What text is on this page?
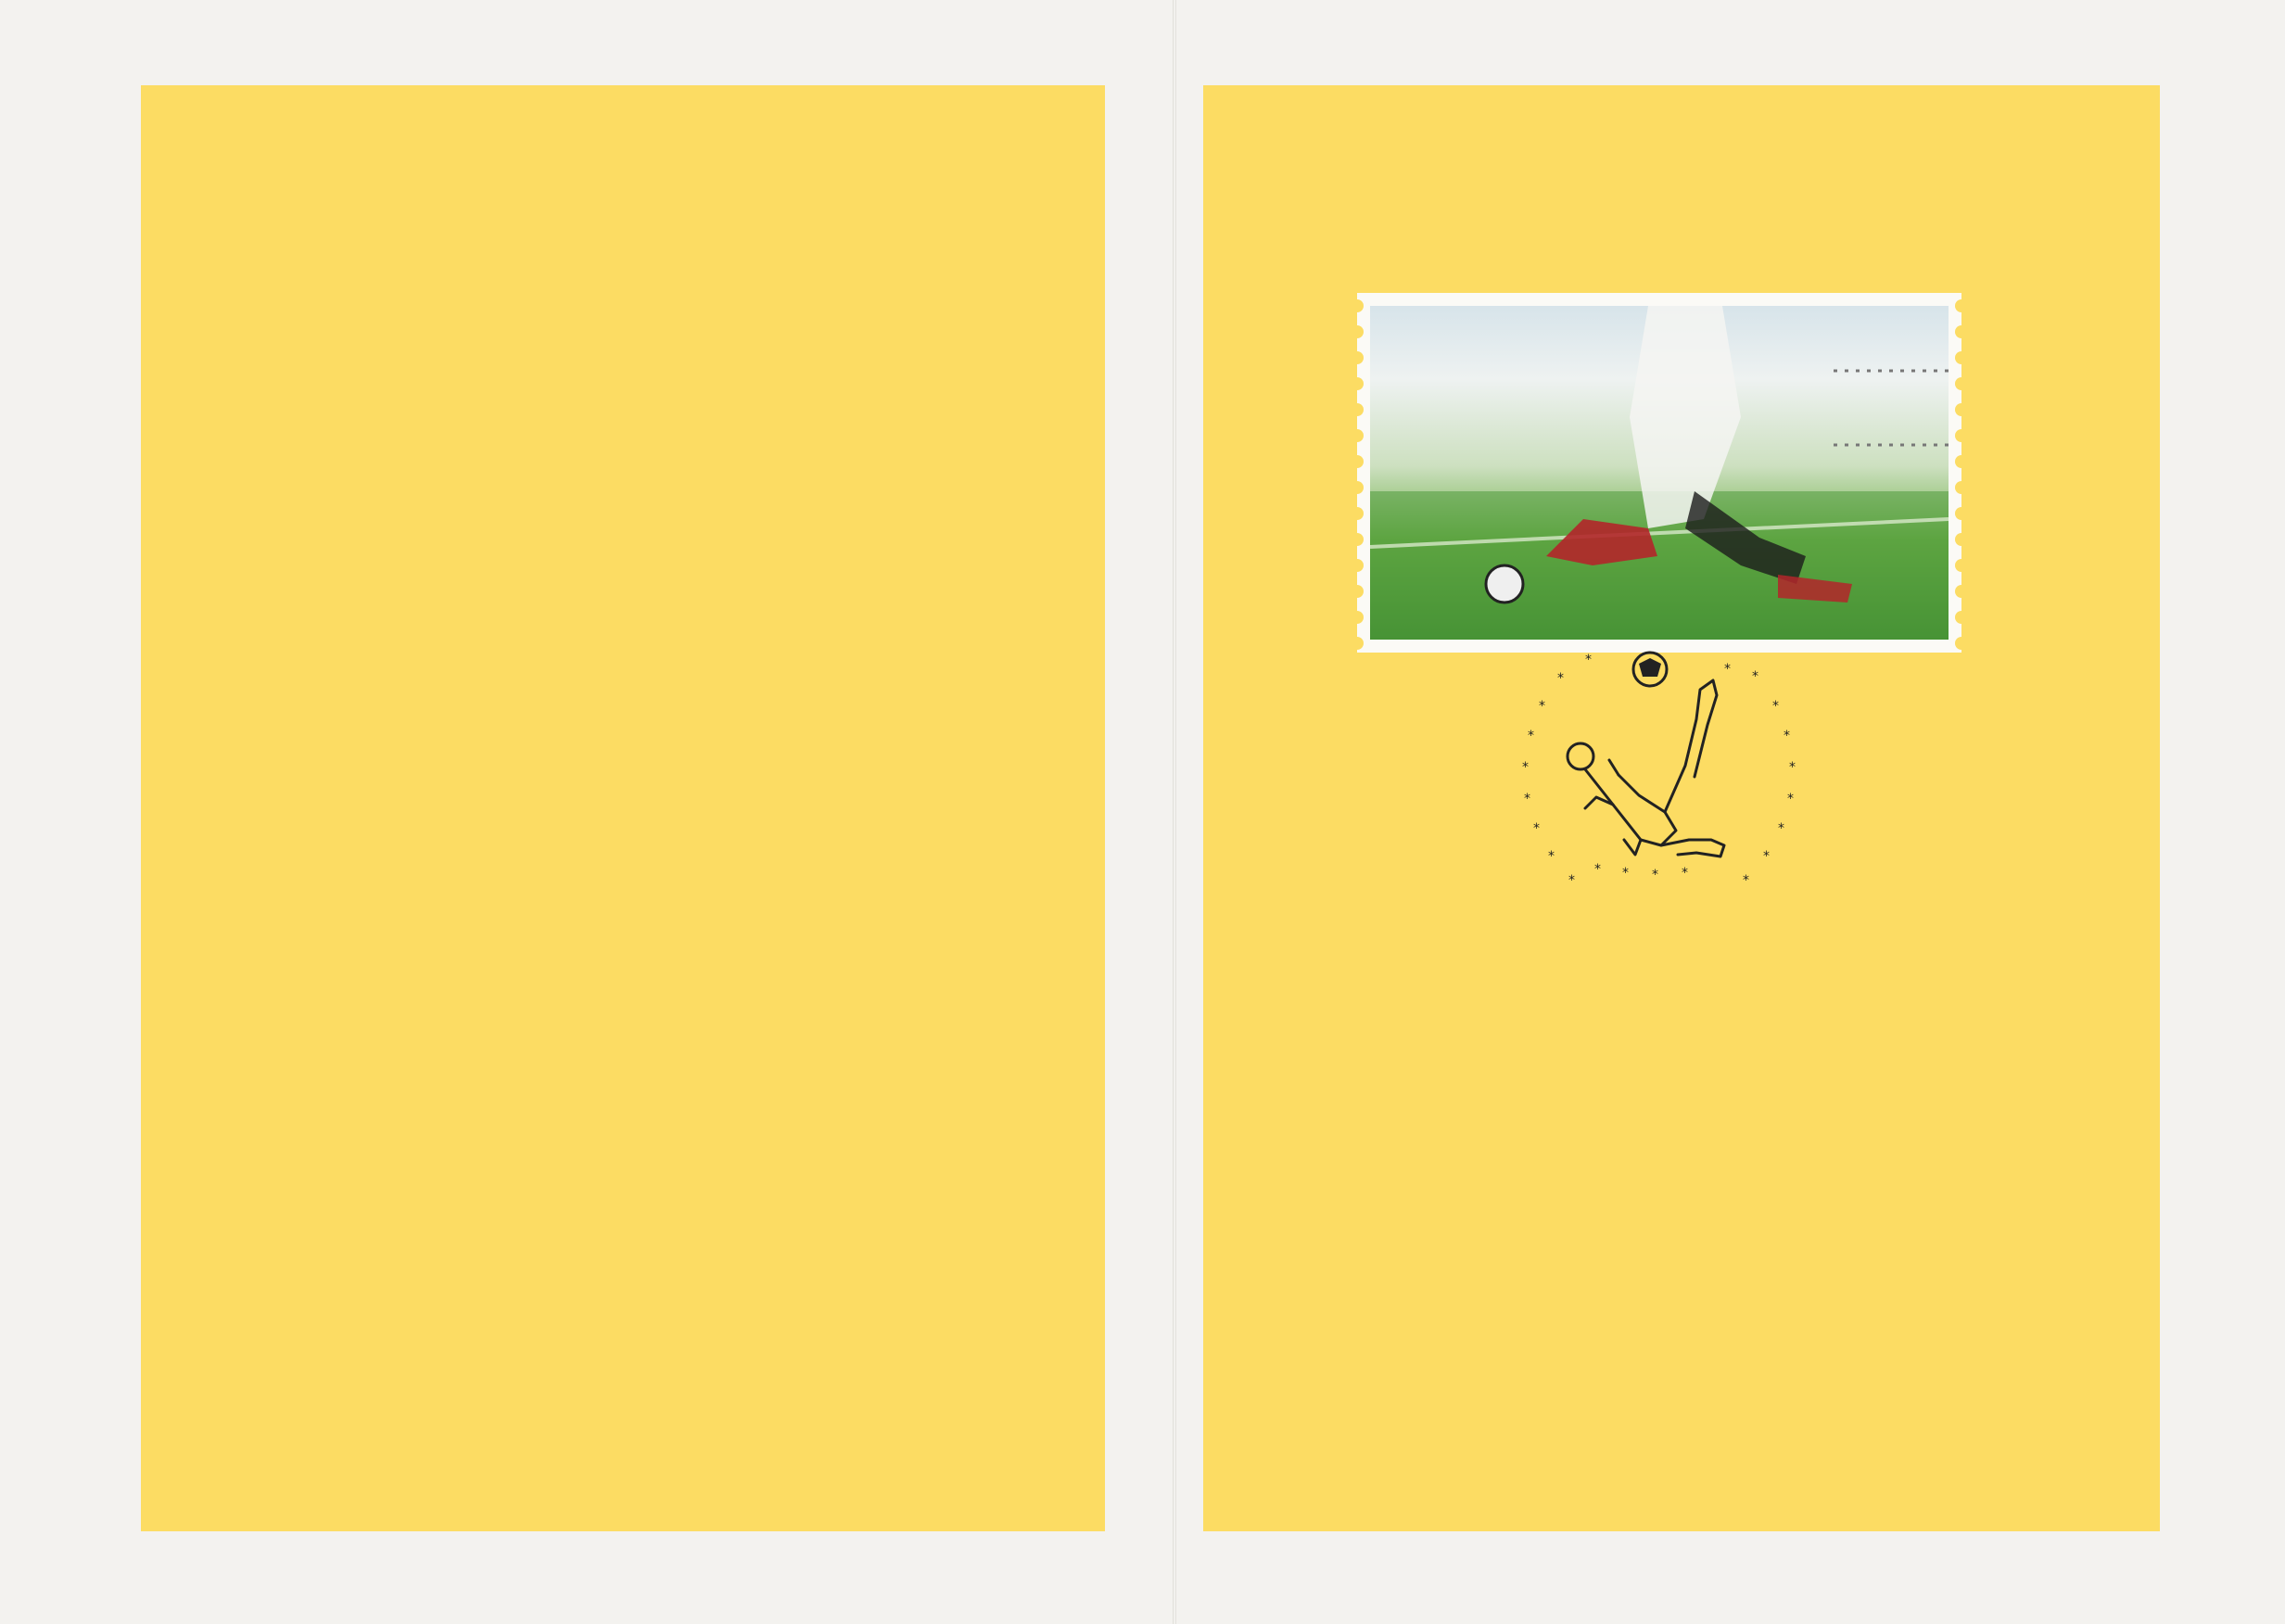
*
*
*
*
*
*
*
*
* * * *
*
*
*
*
*
*
*
*
*
*
